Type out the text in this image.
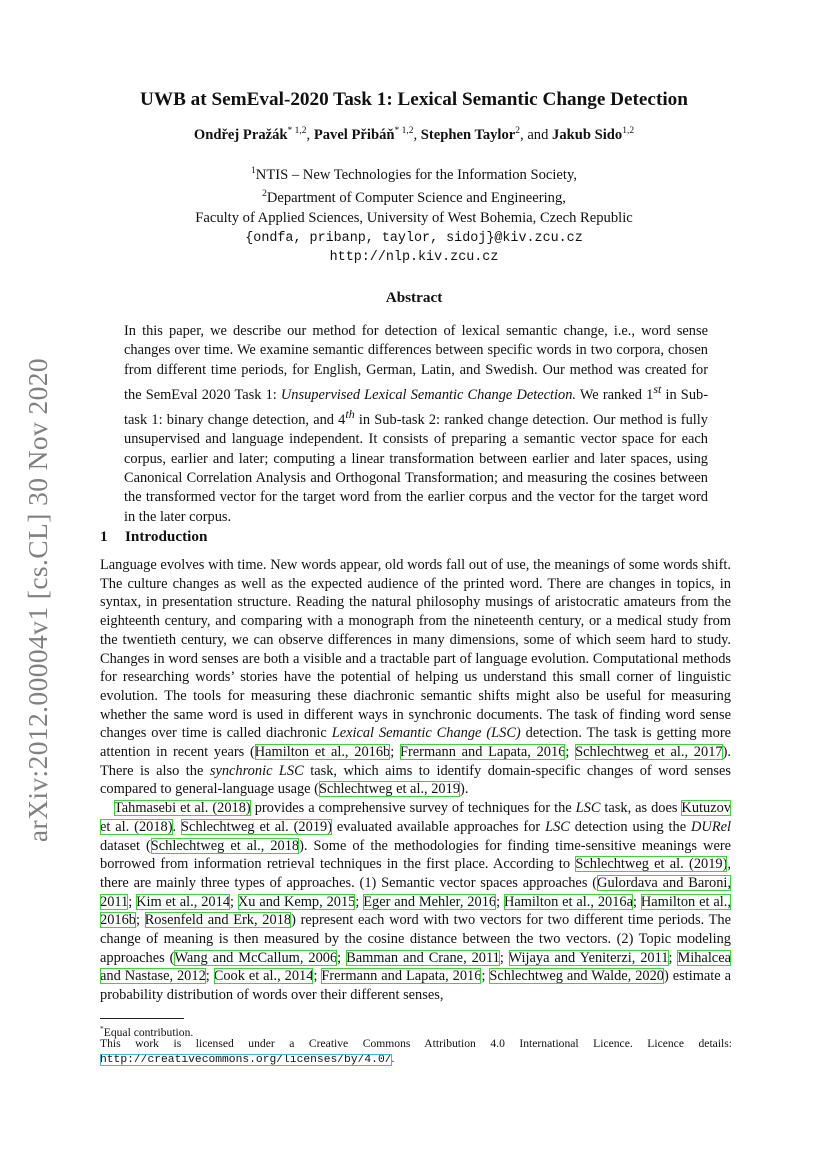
arXiv:2012.00004v1 [cs.CL] 30 Nov 2020
UWB at SemEval-2020 Task 1: Lexical Semantic Change Detection
Ondřej Pražák$^{* 1,2}$, Pavel Přibáň$^{* 1,2}$, Stephen Taylor$^2$, and Jakub Sido$^{1,2}$
$^1$NTIS – New Technologies for the Information Society,
$^2$Department of Computer Science and Engineering,
Faculty of Applied Sciences, University of West Bohemia, Czech Republic
{ondfa, pribanp, taylor, sidoj}@kiv.zcu.cz
http://nlp.kiv.zcu.cz
Abstract
In this paper, we describe our method for detection of lexical semantic change, i.e., word sense changes over time. We examine semantic differences between specific words in two corpora, chosen from different time periods, for English, German, Latin, and Swedish. Our method was created for the SemEval 2020 Task 1: Unsupervised Lexical Semantic Change Detection. We ranked 1st in Sub-task 1: binary change detection, and 4th in Sub-task 2: ranked change detection. Our method is fully unsupervised and language independent. It consists of preparing a semantic vector space for each corpus, earlier and later; computing a linear transformation between earlier and later spaces, using Canonical Correlation Analysis and Orthogonal Transformation; and measuring the cosines between the transformed vector for the target word from the earlier corpus and the vector for the target word in the later corpus.
1 Introduction

Language evolves with time. New words appear, old words fall out of use, the meanings of some words shift. The culture changes as well as the expected audience of the printed word. There are changes in topics, in syntax, in presentation structure. Reading the natural philosophy musings of aristocratic amateurs from the eighteenth century, and comparing with a monograph from the nineteenth century, or a medical study from the twentieth century, we can observe differences in many dimensions, some of which seem hard to study. Changes in word senses are both a visible and a tractable part of language evolution. Computational methods for researching words’ stories have the potential of helping us understand this small corner of linguistic evolution. The tools for measuring these diachronic semantic shifts might also be useful for measuring whether the same word is used in different ways in synchronic documents. The task of finding word sense changes over time is called diachronic Lexical Semantic Change (LSC) detection. The task is getting more attention in recent years (Hamilton et al., 2016b; Frermann and Lapata, 2016; Schlechtweg et al., 2017). There is also the synchronic LSC task, which aims to identify domain-specific changes of word senses compared to general-language usage (Schlechtweg et al., 2019).

Tahmasebi et al. (2018) provides a comprehensive survey of techniques for the LSC task, as does Kutuzov et al. (2018). Schlechtweg et al. (2019) evaluated available approaches for LSC detection using the DURel dataset (Schlechtweg et al., 2018). Some of the methodologies for finding time-sensitive meanings were borrowed from information retrieval techniques in the first place. According to Schlechtweg et al. (2019), there are mainly three types of approaches. (1) Semantic vector spaces approaches (Gulordava and Baroni, 2011; Kim et al., 2014; Xu and Kemp, 2015; Eger and Mehler, 2016; Hamilton et al., 2016a; Hamilton et al., 2016b; Rosenfeld and Erk, 2018) represent each word with two vectors for two different time periods. The change of meaning is then measured by the cosine distance between the two vectors. (2) Topic modeling approaches (Wang and McCallum, 2006; Bamman and Crane, 2011; Wijaya and Yeniterzi, 2011; Mihalcea and Nastase, 2012; Cook et al., 2014; Frermann and Lapata, 2016; Schlechtweg and Walde, 2020) estimate a probability distribution of words over their different senses,

*Equal contribution.
This work is licensed under a Creative Commons Attribution 4.0 International Licence. Licence details: http://creativecommons.org/licenses/by/4.0/.
